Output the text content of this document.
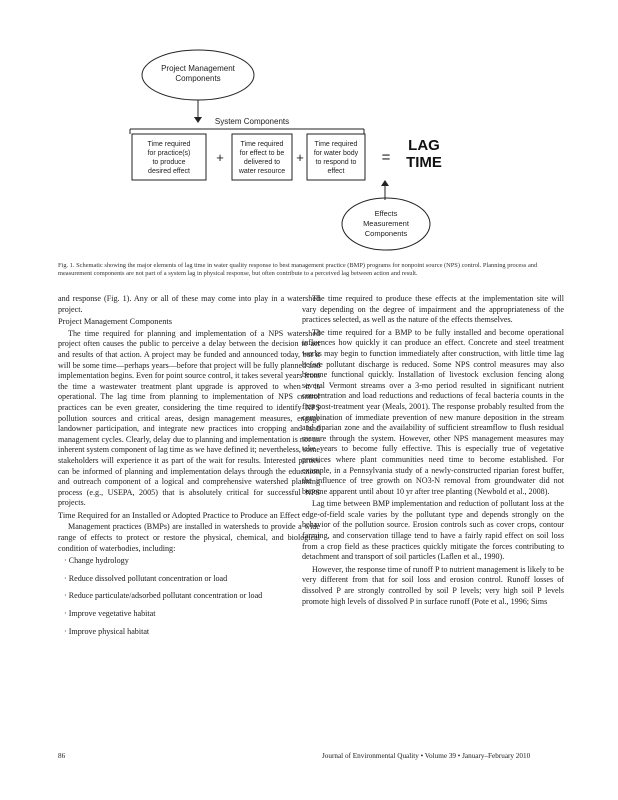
Project Management
Components
System Components
Time required
for practice(s)
to produce
desired effect
+
Time required
for effect to be
delivered to
water resource
+
Time required
for water body
to respond to
effect
=
LAG
TIME
Effects
Measurement
Components
Fig. 1. Schematic showing the major elements of lag time in water quality response to best management practice (BMP) programs for nonpoint source (NPS) control. Planning process and measurement components are not part of a system lag in physical response, but often contribute to a perceived lag between action and result.

and response (Fig. 1). Any or all of these may come into play in a watershed project.

Project Management Components

The time required for planning and implementation of a NPS watershed project often causes the public to perceive a delay between the decision to act and results of that action. A project may be funded and announced today, but it will be some time—perhaps years—before that project will be fully planned and implementation begins. Even for point source control, it takes several years from the time a wastewater treatment plant upgrade is approved to when it is operational. The lag time from planning to implementation of NPS control practices can be even greater, considering the time required to identify NPS pollution sources and critical areas, design management measures, engage landowner participation, and integrate new practices into cropping and land management cycles. Clearly, delay due to planning and implementation is not an inherent system component of lag time as we have defined it; nevertheless, some stakeholders will experience it as part of the wait for results. Interested parties can be informed of planning and implementation delays through the education and outreach component of a logical and comprehensive watershed planning process (e.g., USEPA, 2005) that is absolutely critical for successful NPS projects.

Time Required for an Installed or Adopted Practice to Produce an Effect

Management practices (BMPs) are installed in watersheds to provide a wide range of effects to protect or restore the physical, chemical, and biological condition of waterbodies, including:

· Change hydrology
· Reduce dissolved pollutant concentration or load
· Reduce particulate/adsorbed pollutant concentration or load
· Improve vegetative habitat
· Improve physical habitat

The time required to produce these effects at the implementation site will vary depending on the degree of impairment and the appropriateness of the practices selected, as well as the nature of the effects themselves.

The time required for a BMP to be fully installed and become operational influences how quickly it can produce an effect. Concrete and steel treatment works may begin to function immediately after construction, with little time lag before pollutant discharge is reduced. Some NPS control measures may also become functional quickly. Installation of livestock exclusion fencing along several Vermont streams over a 3-mo period resulted in significant nutrient concentration and load reductions and reductions of fecal bacteria counts in the first post-treatment year (Meals, 2001). The response probably resulted from the combination of immediate prevention of new manure deposition in the stream and riparian zone and the availability of sufficient streamflow to flush residual manure through the system. However, other NPS management measures may take years to become fully effective. This is especially true of vegetative practices where plant communities need time to become established. For example, in a Pennsylvania study of a newly-constructed riparian forest buffer, the influence of tree growth on NO3-N removal from groundwater did not become apparent until about 10 yr after tree planting (Newbold et al., 2008).

Lag time between BMP implementation and reduction of pollutant loss at the edge-of-field scale varies by the pollutant type and depends strongly on the behavior of the pollution source. Erosion controls such as cover crops, contour farming, and conservation tillage tend to have a fairly rapid effect on soil loss from a crop field as these practices quickly mitigate the forces contributing to detachment and transport of soil particles (Laflen et al., 1990).

However, the response time of runoff P to nutrient management is likely to be very different from that for soil loss and erosion control. Runoff losses of dissolved P are strongly controlled by soil P levels; very high soil P levels promote high levels of dissolved P in surface runoff (Pote et al., 1996; Sims

86	Journal of Environmental Quality • Volume 39 • January–February 2010
